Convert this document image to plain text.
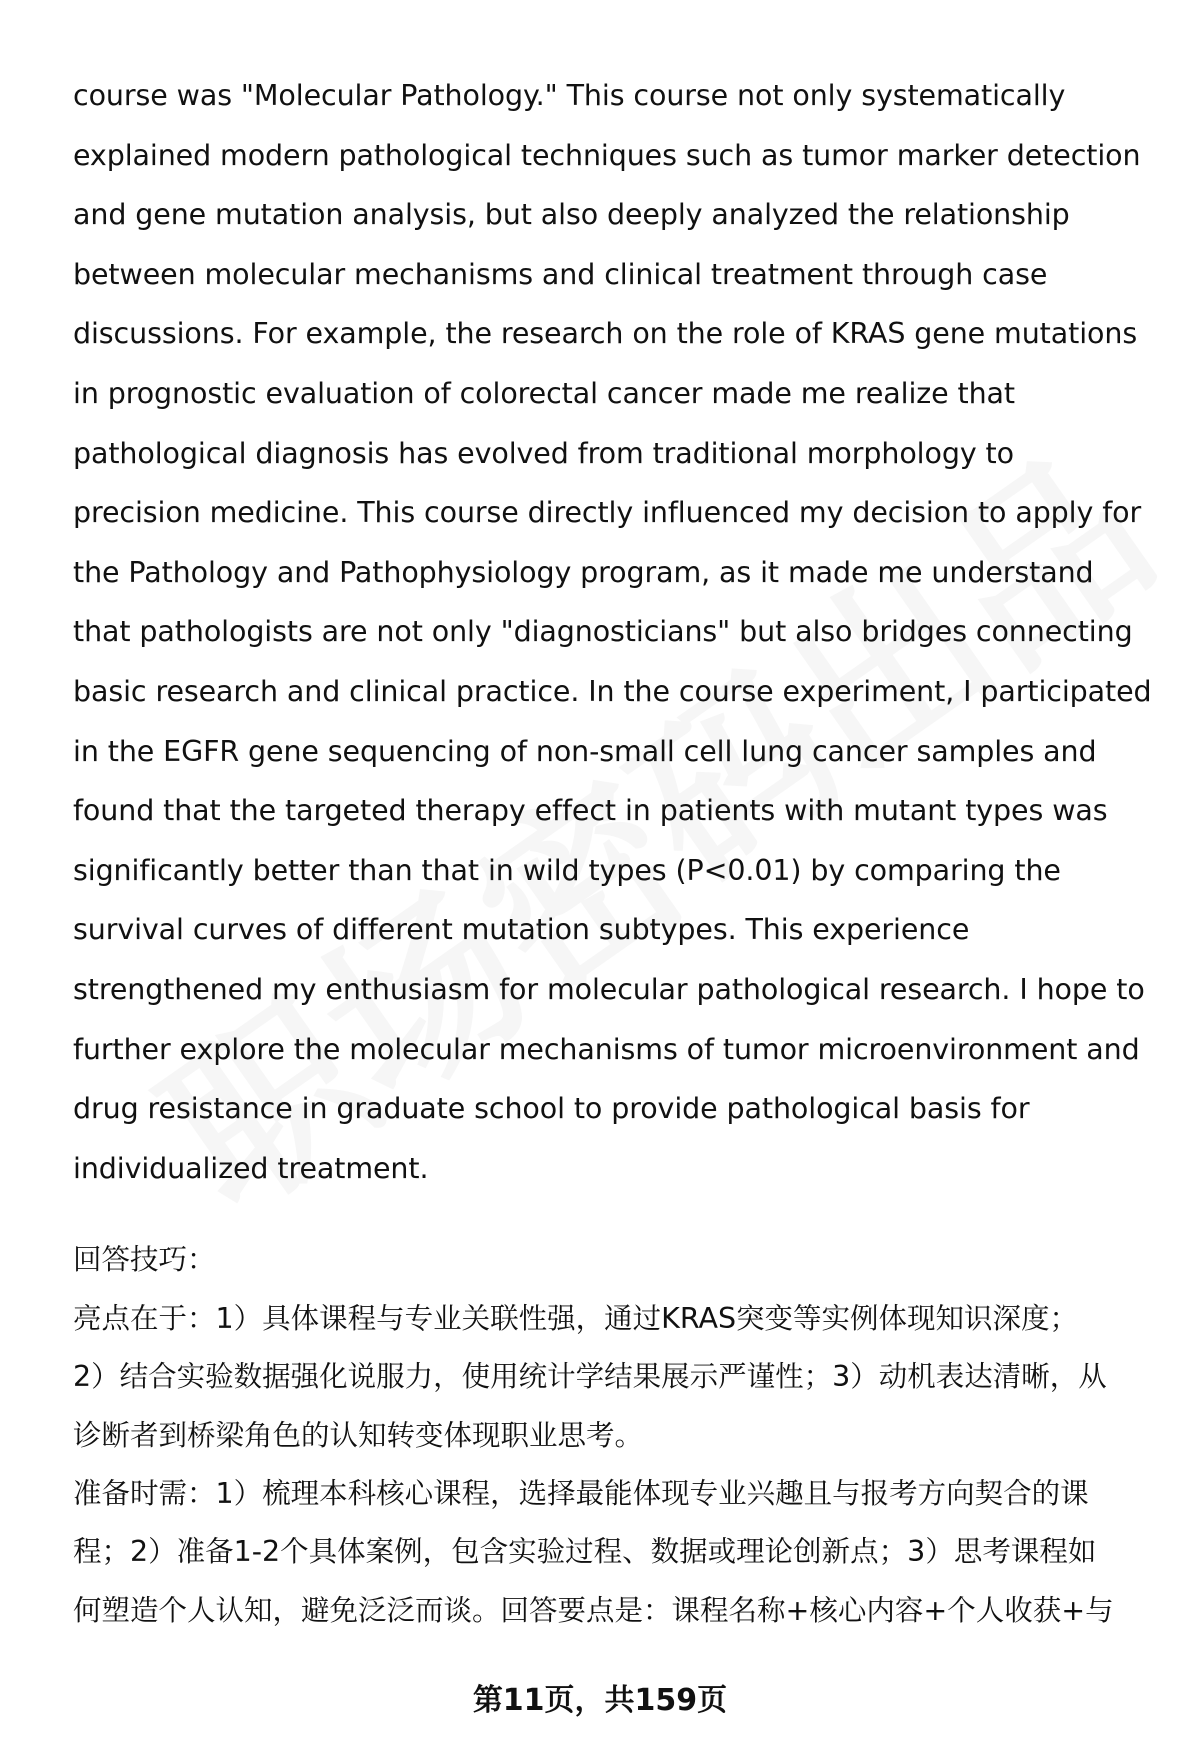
course was "Molecular Pathology." This course not only systematically
explained modern pathological techniques such as tumor marker detection
and gene mutation analysis, but also deeply analyzed the relationship
between molecular mechanisms and clinical treatment through case
discussions. For example, the research on the role of KRAS gene mutations
in prognostic evaluation of colorectal cancer made me realize that
pathological diagnosis has evolved from traditional morphology to
precision medicine. This course directly influenced my decision to apply for
the Pathology and Pathophysiology program, as it made me understand
that pathologists are not only "diagnosticians" but also bridges connecting
basic research and clinical practice. In the course experiment, I participated
in the EGFR gene sequencing of non-small cell lung cancer samples and
found that the targeted therapy effect in patients with mutant types was
significantly better than that in wild types (P<0.01) by comparing the
survival curves of different mutation subtypes. This experience
strengthened my enthusiasm for molecular pathological research. I hope to
further explore the molecular mechanisms of tumor microenvironment and
drug resistance in graduate school to provide pathological basis for
individualized treatment.

回答技巧：

亮点在于：1）具体课程与专业关联性强，通过KRAS突变等实例体现知识深度；
2）结合实验数据强化说服力，使用统计学结果展示严谨性；3）动机表达清晰，从
诊断者到桥梁角色的认知转变体现职业思考。

准备时需：1）梳理本科核心课程，选择最能体现专业兴趣且与报考方向契合的课
程；2）准备1-2个具体案例，包含实验过程、数据或理论创新点；3）思考课程如
何塑造个人认知，避免泛泛而谈。回答要点是：课程名称+核心内容+个人收获+与

第11页，共159页
